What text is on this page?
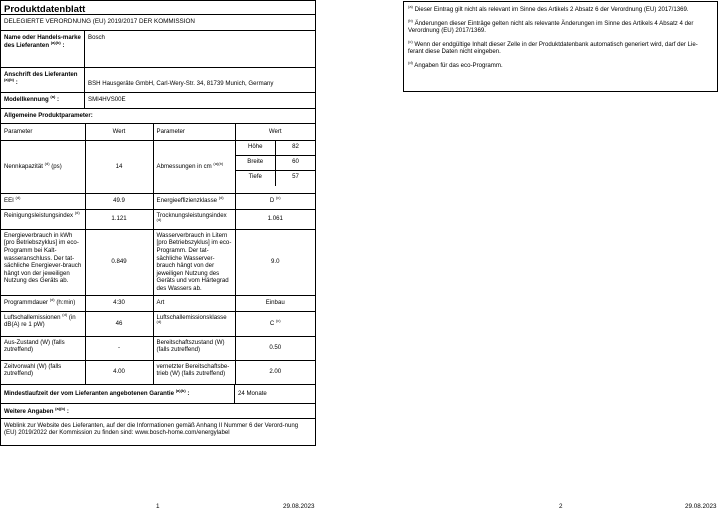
Produktdatenblatt
DELEGIERTE VERORDNUNG (EU) 2019/2017 DER KOMMISSION
Name oder Handels-marke des Lieferanten $^{(a)(b)}$ :
Bosch
Anschrift des Lieferanten $^{(a)(b)}$ :	BSH Hausgeräte GmbH, Carl-Wery-Str. 34, 81739 Munich, Germany
Modellkennung $^{(a)}$ :	SMI4HVS00E
Allgemeine Produktparameter:
Parameter	Wert	Parameter	Wert
Nennkapazität $^{(d)}$ (ps)	14	Abmessungen in cm $^{(a)(b)}$	
Höhe	82
Breite	60
Tiefe	57

EEI $^{(d)}$	49.9	Energieeffizienzklasse $^{(d)}$	D $^{(c)}$
Reinigungsleistungsindex $^{(d)}$	1.121	Trocknungsleistungsindex $^{(d)}$	1.061
Energieverbrauch in kWh [pro Betriebszyklus] im eco-Programm bei Kalt-wasseranschluss. Der tat-sächliche Energiever-brauch hängt von der jeweiligen Nutzung des Geräts ab.	0.849	Wasserverbrauch in Litern [pro Betriebszyklus] im eco-Programm. Der tat-sächliche Wasserver-brauch hängt von der jeweiligen Nutzung des Geräts und vom Härtegrad des Wassers ab.	9.0
Programmdauer $^{(d)}$ (h:min)	4:30	Art	Einbau
Luftschallemissionen $^{(d)}$ (in dB(A) re 1 pW)	46	Luftschallemissionsklasse $^{(d)}$	C $^{(c)}$
Aus-Zustand (W) (falls zutreffend)	-	Bereitschaftszustand (W) (falls zutreffend)	0.50
Zeitvorwahl (W) (falls zutreffend)	4.00	vernetzter Bereitschaftsbe-trieb (W) (falls zutreffend)	2.00
Mindestlaufzeit der vom Lieferanten angebotenen Garantie $^{(a)(b)}$ :	24 Monate
Weitere Angaben $^{(a)(b)}$ :
Weblink zur Website des Lieferanten, auf der die Informationen gemäß Anhang II Nummer 6 der Verord-nung (EU) 2019/2022 der Kommission zu finden sind: www.bosch-home.com/energylabel
1	29.08.2023

$^{(a)}$ Dieser Eintrag gilt nicht als relevant im Sinne des Artikels 2 Absatz 6 der Verordnung (EU) 2017/1369.

$^{(b)}$ Änderungen dieser Einträge gelten nicht als relevante Änderungen im Sinne des Artikels 4 Absatz 4 der Verordnung (EU) 2017/1369.

$^{(c)}$ Wenn der endgültige Inhalt dieser Zelle in der Produktdatenbank automatisch generiert wird, darf der Lie-ferant diese Daten nicht eingeben.

$^{(d)}$ Angaben für das eco-Programm.

2	29.08.2023
